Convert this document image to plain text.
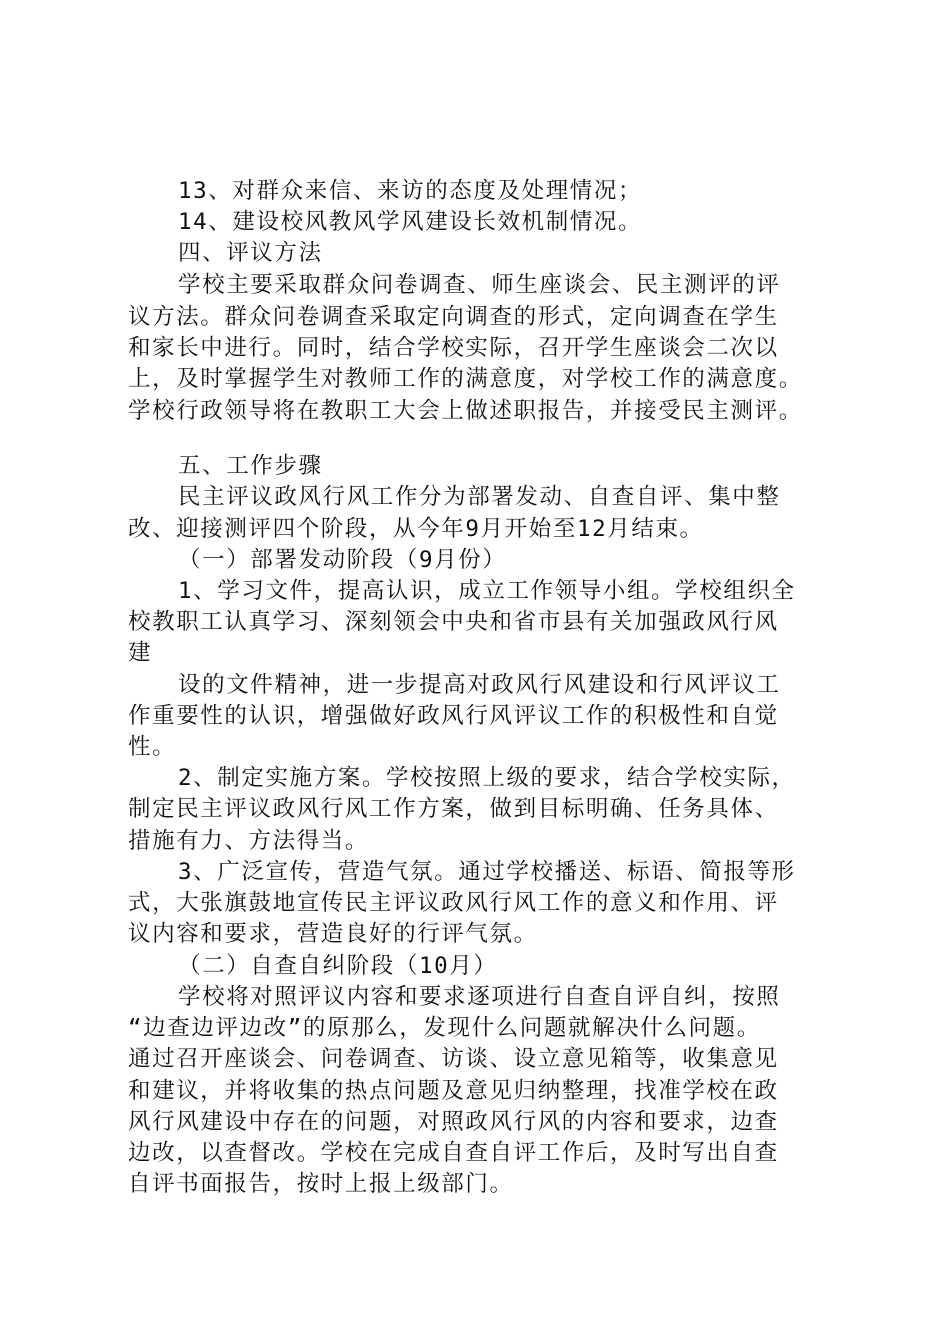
13、对群众来信、来访的态度及处理情况；
14、建设校风教风学风建设长效机制情况。
四、评议方法
学校主要采取群众问卷调查、师生座谈会、民主测评的评
议方法。群众问卷调查采取定向调查的形式，定向调查在学生
和家长中进行。同时，结合学校实际，召开学生座谈会二次以
上，及时掌握学生对教师工作的满意度，对学校工作的满意度。
学校行政领导将在教职工大会上做述职报告，并接受民主测评。
五、工作步骤
民主评议政风行风工作分为部署发动、自查自评、集中整
改、迎接测评四个阶段，从今年9月开始至12月结束。
（一）部署发动阶段（9月份）
1、学习文件，提高认识，成立工作领导小组。学校组织全
校教职工认真学习、深刻领会中央和省市县有关加强政风行风
建
设的文件精神，进一步提高对政风行风建设和行风评议工
作重要性的认识，增强做好政风行风评议工作的积极性和自觉
性。
2、制定实施方案。学校按照上级的要求，结合学校实际，
制定民主评议政风行风工作方案，做到目标明确、任务具体、
措施有力、方法得当。
3、广泛宣传，营造气氛。通过学校播送、标语、简报等形
式，大张旗鼓地宣传民主评议政风行风工作的意义和作用、评
议内容和要求，营造良好的行评气氛。
（二）自查自纠阶段（10月）
学校将对照评议内容和要求逐项进行自查自评自纠，按照
“边查边评边改”的原那么，发现什么问题就解决什么问题。
通过召开座谈会、问卷调查、访谈、设立意见箱等，收集意见
和建议，并将收集的热点问题及意见归纳整理，找准学校在政
风行风建设中存在的问题，对照政风行风的内容和要求，边查
边改，以查督改。学校在完成自查自评工作后，及时写出自查
自评书面报告，按时上报上级部门。
